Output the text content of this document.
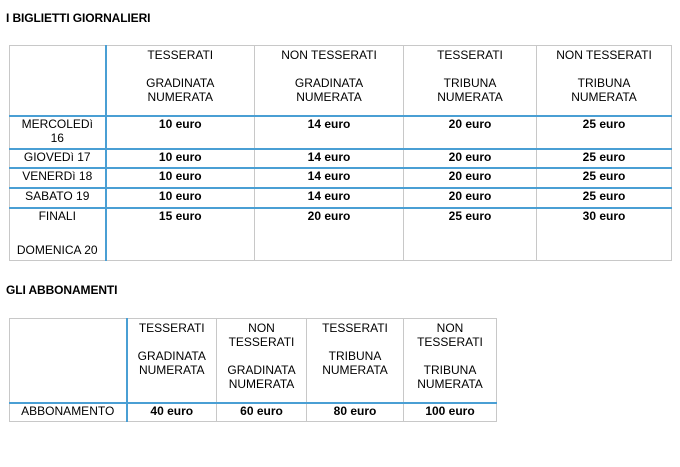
I BIGLIETTI GIORNALIERI

	TESSERATI
GRADINATA
NUMERATA	NON TESSERATI
GRADINATA
NUMERATA	TESSERATI
TRIBUNA
NUMERATA	NON TESSERATI
TRIBUNA
NUMERATA

MERCOLEDì
16	10 euro	14 euro	20 euro	25 euro
GIOVEDì 17	10 euro	14 euro	20 euro	25 euro
VENERDì 18	10 euro	14 euro	20 euro	25 euro
SABATO 19	10 euro	14 euro	20 euro	25 euro

FINALI
DOMENICA 20	15 euro	20 euro	25 euro	30 euro
GLI ABBONAMENTI

	TESSERATI
GRADINATA
NUMERATA	NON
TESSERATI
GRADINATA
NUMERATA	TESSERATI
TRIBUNA
NUMERATA	NON
TESSERATI
TRIBUNA
NUMERATA

ABBONAMENTO	40 euro	60 euro	80 euro	100 euro
